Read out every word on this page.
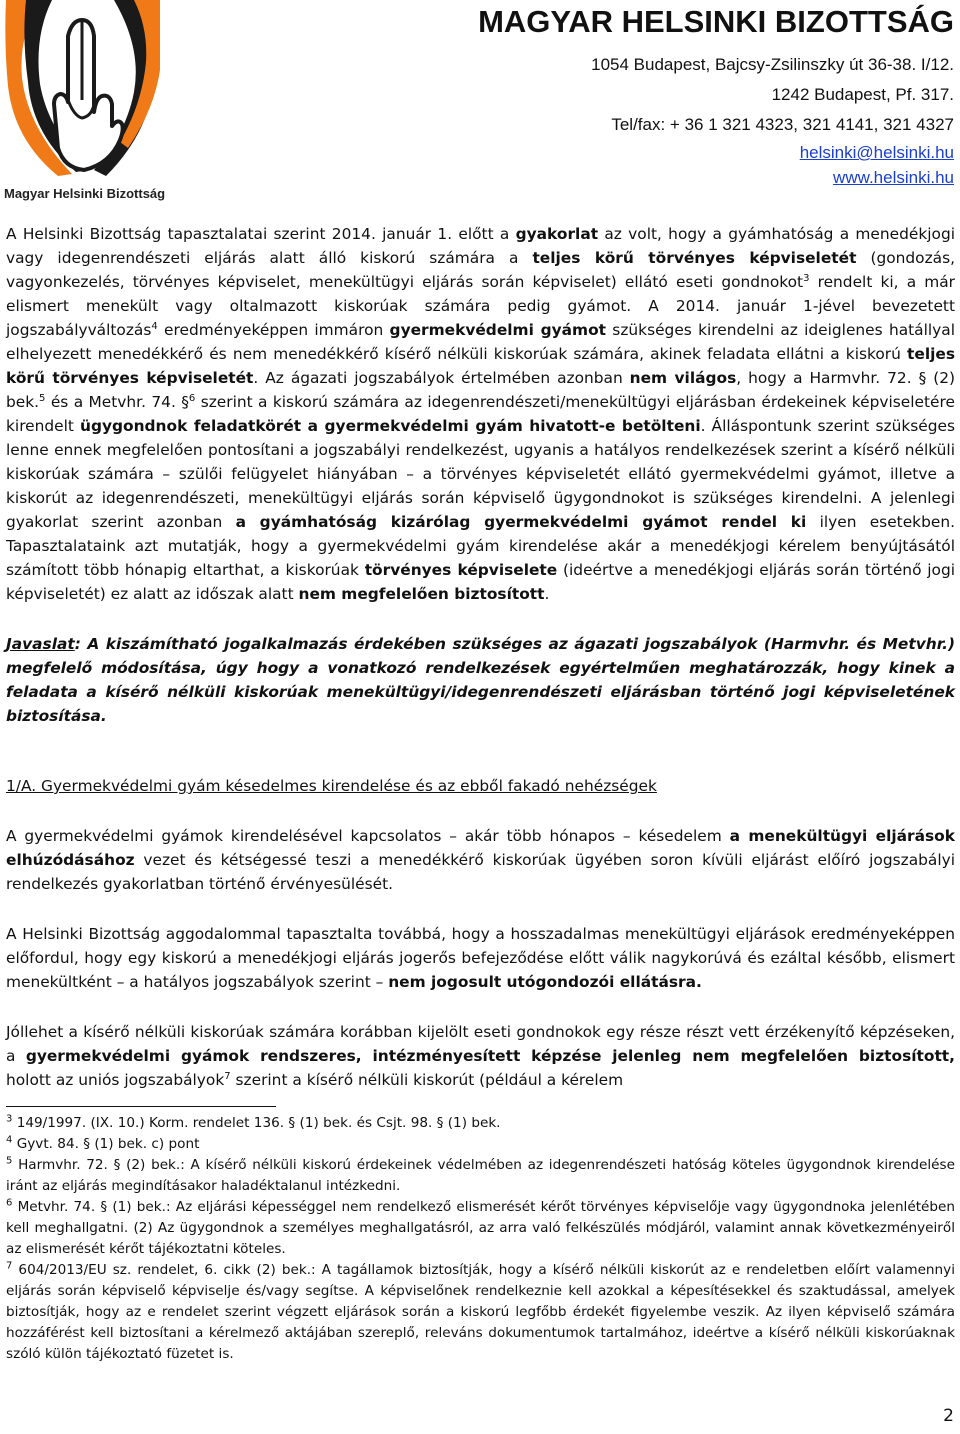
Magyar Helsinki Bizottság
MAGYAR HELSINKI BIZOTTSÁG
1054 Budapest, Bajcsy-Zsilinszky út 36-38. I/12.
1242 Budapest, Pf. 317.
Tel/fax: + 36 1 321 4323, 321 4141, 321 4327
helsinki@helsinki.hu
www.helsinki.hu

A Helsinki Bizottság tapasztalatai szerint 2014. január 1. előtt a gyakorlat az volt, hogy a gyámhatóság a menedékjogi vagy idegenrendészeti eljárás alatt álló kiskorú számára a teljes körű törvényes képviseletét (gondozás, vagyonkezelés, törvényes képviselet, menekültügyi eljárás során képviselet) ellátó eseti gondnokot$^3$ rendelt ki, a már elismert menekült vagy oltalmazott kiskorúak számára pedig gyámot. A 2014. január 1-jével bevezetett jogszabályváltozás$^4$ eredményeképpen immáron gyermekvédelmi gyámot szükséges kirendelni az ideiglenes hatállyal elhelyezett menedékkérő és nem menedékkérő kísérő nélküli kiskorúak számára, akinek feladata ellátni a kiskorú teljes körű törvényes képviseletét. Az ágazati jogszabályok értelmében azonban nem világos, hogy a Harmvhr. 72. § (2) bek.$^5$ és a Metvhr. 74. §$^6$ szerint a kiskorú számára az idegenrendészeti/menekültügyi eljárásban érdekeinek képviseletére kirendelt ügygondnok feladatkörét a gyermekvédelmi gyám hivatott-e betölteni. Álláspontunk szerint szükséges lenne ennek megfelelően pontosítani a jogszabályi rendelkezést, ugyanis a hatályos rendelkezések szerint a kísérő nélküli kiskorúak számára – szülői felügyelet hiányában – a törvényes képviseletét ellátó gyermekvédelmi gyámot, illetve a kiskorút az idegenrendészeti, menekültügyi eljárás során képviselő ügygondnokot is szükséges kirendelni. A jelenlegi gyakorlat szerint azonban a gyámhatóság kizárólag gyermekvédelmi gyámot rendel ki ilyen esetekben. Tapasztalataink azt mutatják, hogy a gyermekvédelmi gyám kirendelése akár a menedékjogi kérelem benyújtásától számított több hónapig eltarthat, a kiskorúak törvényes képviselete (ideértve a menedékjogi eljárás során történő jogi képviseletét) ez alatt az időszak alatt nem megfelelően biztosított.

Javaslat: A kiszámítható jogalkalmazás érdekében szükséges az ágazati jogszabályok (Harmvhr. és Metvhr.) megfelelő módosítása, úgy hogy a vonatkozó rendelkezések egyértelműen meghatározzák, hogy kinek a feladata a kísérő nélküli kiskorúak menekültügyi/idegenrendészeti eljárásban történő jogi képviseletének biztosítása.

1/A. Gyermekvédelmi gyám késedelmes kirendelése és az ebből fakadó nehézségek

A gyermekvédelmi gyámok kirendelésével kapcsolatos – akár több hónapos – késedelem a menekültügyi eljárások elhúzódásához vezet és kétségessé teszi a menedékkérő kiskorúak ügyében soron kívüli eljárást előíró jogszabályi rendelkezés gyakorlatban történő érvényesülését.

A Helsinki Bizottság aggodalommal tapasztalta továbbá, hogy a hosszadalmas menekültügyi eljárások eredményeképpen előfordul, hogy egy kiskorú a menedékjogi eljárás jogerős befejeződése előtt válik nagykorúvá és ezáltal később, elismert menekültként – a hatályos jogszabályok szerint – nem jogosult utógondozói ellátásra.

Jóllehet a kísérő nélküli kiskorúak számára korábban kijelölt eseti gondnokok egy része részt vett érzékenyítő képzéseken, a gyermekvédelmi gyámok rendszeres, intézményesített képzése jelenleg nem megfelelően biztosított, holott az uniós jogszabályok$^7$ szerint a kísérő nélküli kiskorút (például a kérelem

$^3$ 149/1997. (IX. 10.) Korm. rendelet 136. § (1) bek. és Csjt. 98. § (1) bek.

$^4$ Gyvt. 84. § (1) bek. c) pont

$^5$ Harmvhr. 72. § (2) bek.: A kísérő nélküli kiskorú érdekeinek védelmében az idegenrendészeti hatóság köteles ügygondnok kirendelése iránt az eljárás megindításakor haladéktalanul intézkedni.

$^6$ Metvhr. 74. § (1) bek.: Az eljárási képességgel nem rendelkező elismerését kérőt törvényes képviselője vagy ügygondnoka jelenlétében kell meghallgatni. (2) Az ügygondnok a személyes meghallgatásról, az arra való felkészülés módjáról, valamint annak következményeiről az elismerését kérőt tájékoztatni köteles.

$^7$ 604/2013/EU sz. rendelet, 6. cikk (2) bek.: A tagállamok biztosítják, hogy a kísérő nélküli kiskorút az e rendeletben előírt valamennyi eljárás során képviselő képviselje és/vagy segítse. A képviselőnek rendelkeznie kell azokkal a képesítésekkel és szaktudással, amelyek biztosítják, hogy az e rendelet szerint végzett eljárások során a kiskorú legfőbb érdekét figyelembe veszik. Az ilyen képviselő számára hozzáférést kell biztosítani a kérelmező aktájában szereplő, releváns dokumentumok tartalmához, ideértve a kísérő nélküli kiskorúaknak szóló külön tájékoztató füzetet is.

2
